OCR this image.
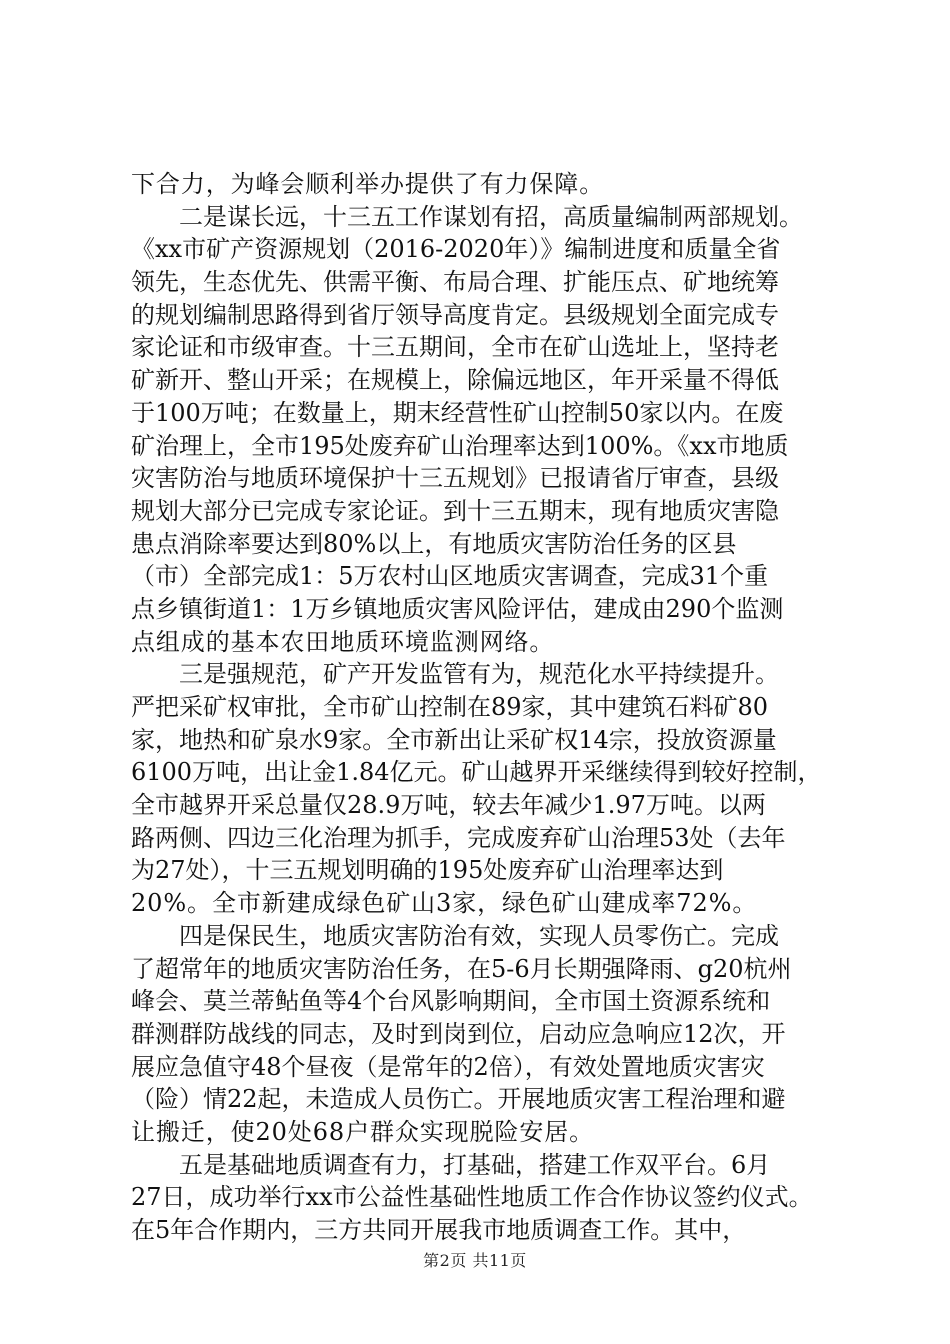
下合力，为峰会顺利举办提供了有力保障。
　　二是谋长远，十三五工作谋划有招，高质量编制两部规划。
《xx市矿产资源规划（2016-2020年）》编制进度和质量全省
领先，生态优先、供需平衡、布局合理、扩能压点、矿地统筹
的规划编制思路得到省厅领导高度肯定。县级规划全面完成专
家论证和市级审查。十三五期间，全市在矿山选址上，坚持老
矿新开、整山开采；在规模上，除偏远地区，年开采量不得低
于100万吨；在数量上，期末经营性矿山控制50家以内。在废
矿治理上，全市195处废弃矿山治理率达到100%。《xx市地质
灾害防治与地质环境保护十三五规划》已报请省厅审查，县级
规划大部分已完成专家论证。到十三五期末，现有地质灾害隐
患点消除率要达到80%以上，有地质灾害防治任务的区县
（市）全部完成1：5万农村山区地质灾害调查，完成31个重
点乡镇街道1：1万乡镇地质灾害风险评估，建成由290个监测
点组成的基本农田地质环境监测网络。
　　三是强规范，矿产开发监管有为，规范化水平持续提升。
严把采矿权审批，全市矿山控制在89家，其中建筑石料矿80
家，地热和矿泉水9家。全市新出让采矿权14宗，投放资源量
6100万吨，出让金1.84亿元。矿山越界开采继续得到较好控制，
全市越界开采总量仅28.9万吨，较去年减少1.97万吨。以两
路两侧、四边三化治理为抓手，完成废弃矿山治理53处（去年
为27处），十三五规划明确的195处废弃矿山治理率达到
20%。全市新建成绿色矿山3家，绿色矿山建成率72%。
　　四是保民生，地质灾害防治有效，实现人员零伤亡。完成
了超常年的地质灾害防治任务，在5-6月长期强降雨、g20杭州
峰会、莫兰蒂鲇鱼等4个台风影响期间，全市国土资源系统和
群测群防战线的同志，及时到岗到位，启动应急响应12次，开
展应急值守48个昼夜（是常年的2倍），有效处置地质灾害灾
（险）情22起，未造成人员伤亡。开展地质灾害工程治理和避
让搬迁，使20处68户群众实现脱险安居。
　　五是基础地质调查有力，打基础，搭建工作双平台。6月
27日，成功举行xx市公益性基础性地质工作合作协议签约仪式。
在5年合作期内，三方共同开展我市地质调查工作。其中，
第2页 共11页
